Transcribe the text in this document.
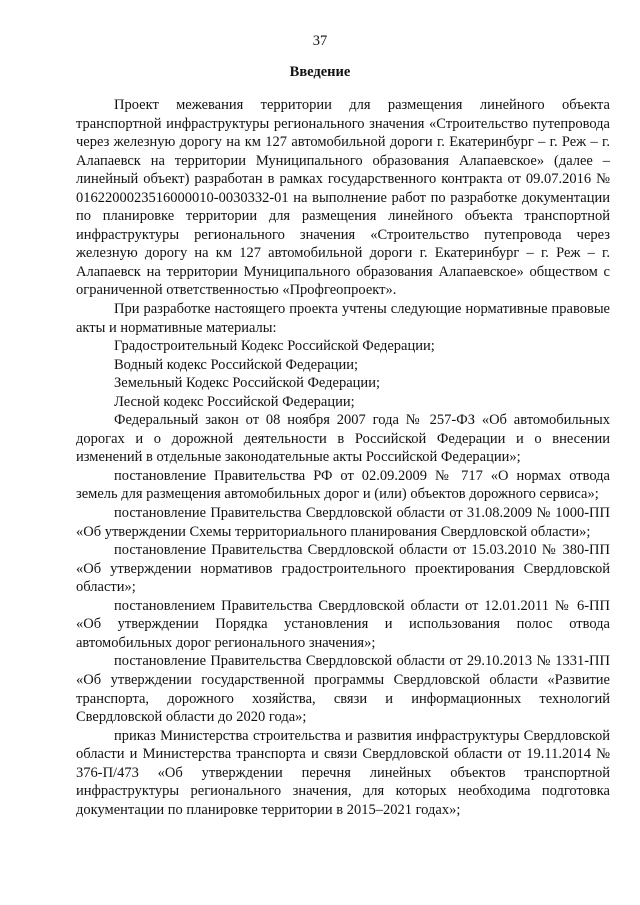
37
Введение

Проект межевания территории для размещения линейного объекта транспортной инфраструктуры регионального значения «Строительство путепровода через железную дорогу на км 127 автомобильной дороги г. Екатеринбург – г. Реж – г. Алапаевск на территории Муниципального образования Алапаевское» (далее – линейный объект) разработан в рамках государственного контракта от 09.07.2016 № 0162200023516000010-0030332-01 на выполнение работ по разработке документации по планировке территории для размещения линейного объекта транспортной инфраструктуры регионального значения «Строительство путепровода через железную дорогу на км 127 автомобильной дороги г. Екатеринбург – г. Реж – г. Алапаевск на территории Муниципального образования Алапаевское» обществом с ограниченной ответственностью «Профгеопроект».

При разработке настоящего проекта учтены следующие нормативные правовые акты и нормативные материалы:

Градостроительный Кодекс Российской Федерации;

Водный кодекс Российской Федерации;

Земельный Кодекс Российской Федерации;

Лесной кодекс Российской Федерации;

Федеральный закон от 08 ноября 2007 года № 257-ФЗ «Об автомобильных дорогах и о дорожной деятельности в Российской Федерации и о внесении изменений в отдельные законодательные акты Российской Федерации»;

постановление Правительства РФ от 02.09.2009 № 717 «О нормах отвода земель для размещения автомобильных дорог и (или) объектов дорожного сервиса»;

постановление Правительства Свердловской области от 31.08.2009 № 1000-ПП «Об утверждении Схемы территориального планирования Свердловской области»;

постановление Правительства Свердловской области от 15.03.2010 № 380-ПП «Об утверждении нормативов градостроительного проектирования Свердловской области»;

постановлением Правительства Свердловской области от 12.01.2011 № 6-ПП «Об утверждении Порядка установления и использования полос отвода автомобильных дорог регионального значения»;

постановление Правительства Свердловской области от 29.10.2013 № 1331-ПП «Об утверждении государственной программы Свердловской области «Развитие транспорта, дорожного хозяйства, связи и информационных технологий Свердловской области до 2020 года»;

приказ Министерства строительства и развития инфраструктуры Свердловской области и Министерства транспорта и связи Свердловской области от 19.11.2014 № 376-П/473 «Об утверждении перечня линейных объектов транспортной инфраструктуры регионального значения, для которых необходима подготовка документации по планировке территории в 2015–2021 годах»;
